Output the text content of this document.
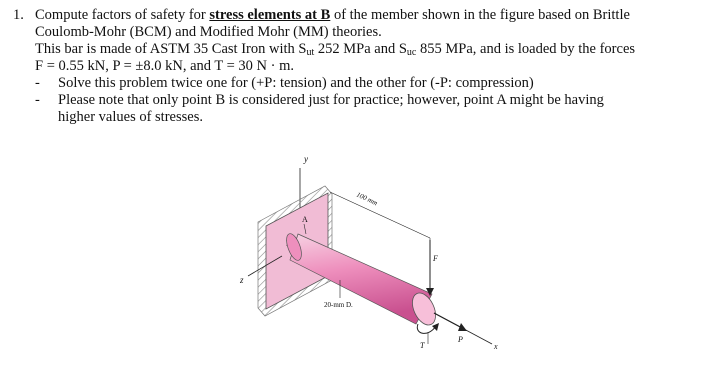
1. Compute factors of safety for stress elements at B of the member shown in the figure based on Brittle
Coulomb-Mohr (BCM) and Modified Mohr (MM) theories.
This bar is made of ASTM 35 Cast Iron with $S_{ut}$ 252 MPa and $S_{uc}$ 855 MPa, and is loaded by the forces
F = 0.55 kN, P = ±8.0 kN, and T = 30 N · m.
- Solve this problem twice one for (+P: tension) and the other for (-P: compression)
- Please note that only point B is considered just for practice; however, point A might be having
higher values of stresses.
y
z
A
100 mm
F
P
x
T
20-mm D.
